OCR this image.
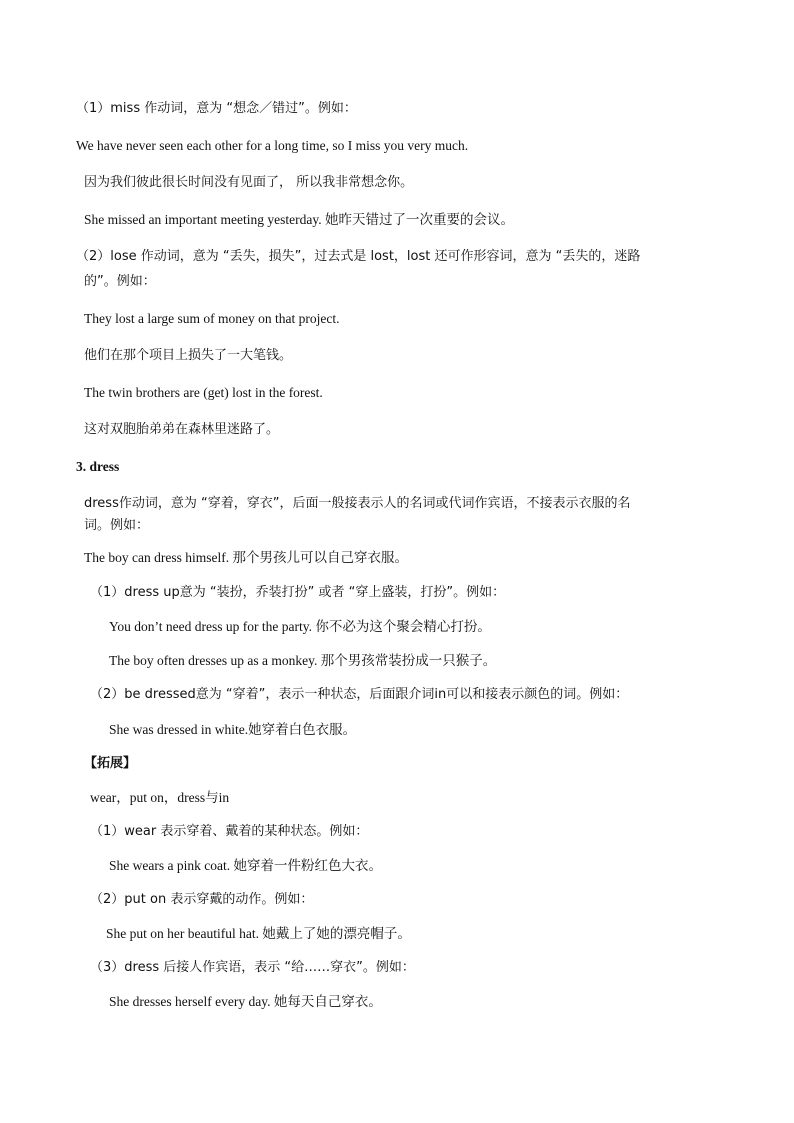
（1）miss 作动词，意为 “想念／错过”。例如：

We have never seen each other for a long time, so I miss you very much.

因为我们彼此很长时间没有见面了， 所以我非常想念你。

She missed an important meeting yesterday. 她昨天错过了一次重要的会议。

（2）lose 作动词，意为 “丢失，损失”，过去式是 lost，lost 还可作形容词，意为 “丢失的，迷路

的”。例如：

They lost a large sum of money on that project.

他们在那个项目上损失了一大笔钱。

The twin brothers are (get) lost in the forest.

这对双胞胎弟弟在森林里迷路了。

3. dress

dress作动词，意为 “穿着，穿衣”，后面一般接表示人的名词或代词作宾语，不接表示衣服的名

词。例如：

The boy can dress himself. 那个男孩儿可以自己穿衣服。

（1）dress up意为 “装扮，乔装打扮” 或者 “穿上盛装，打扮”。例如：

You don’t need dress up for the party. 你不必为这个聚会精心打扮。

The boy often dresses up as a monkey. 那个男孩常装扮成一只猴子。

（2）be dressed意为 “穿着”，表示一种状态，后面跟介词in可以和接表示颜色的词。例如：

She was dressed in white.她穿着白色衣服。

【拓展】

wear，put on，dress与in

（1）wear 表示穿着、戴着的某种状态。例如：

She wears a pink coat. 她穿着一件粉红色大衣。

（2）put on 表示穿戴的动作。例如：

She put on her beautiful hat. 她戴上了她的漂亮帽子。

（3）dress 后接人作宾语，表示 “给……穿衣”。例如：

She dresses herself every day. 她每天自己穿衣。
